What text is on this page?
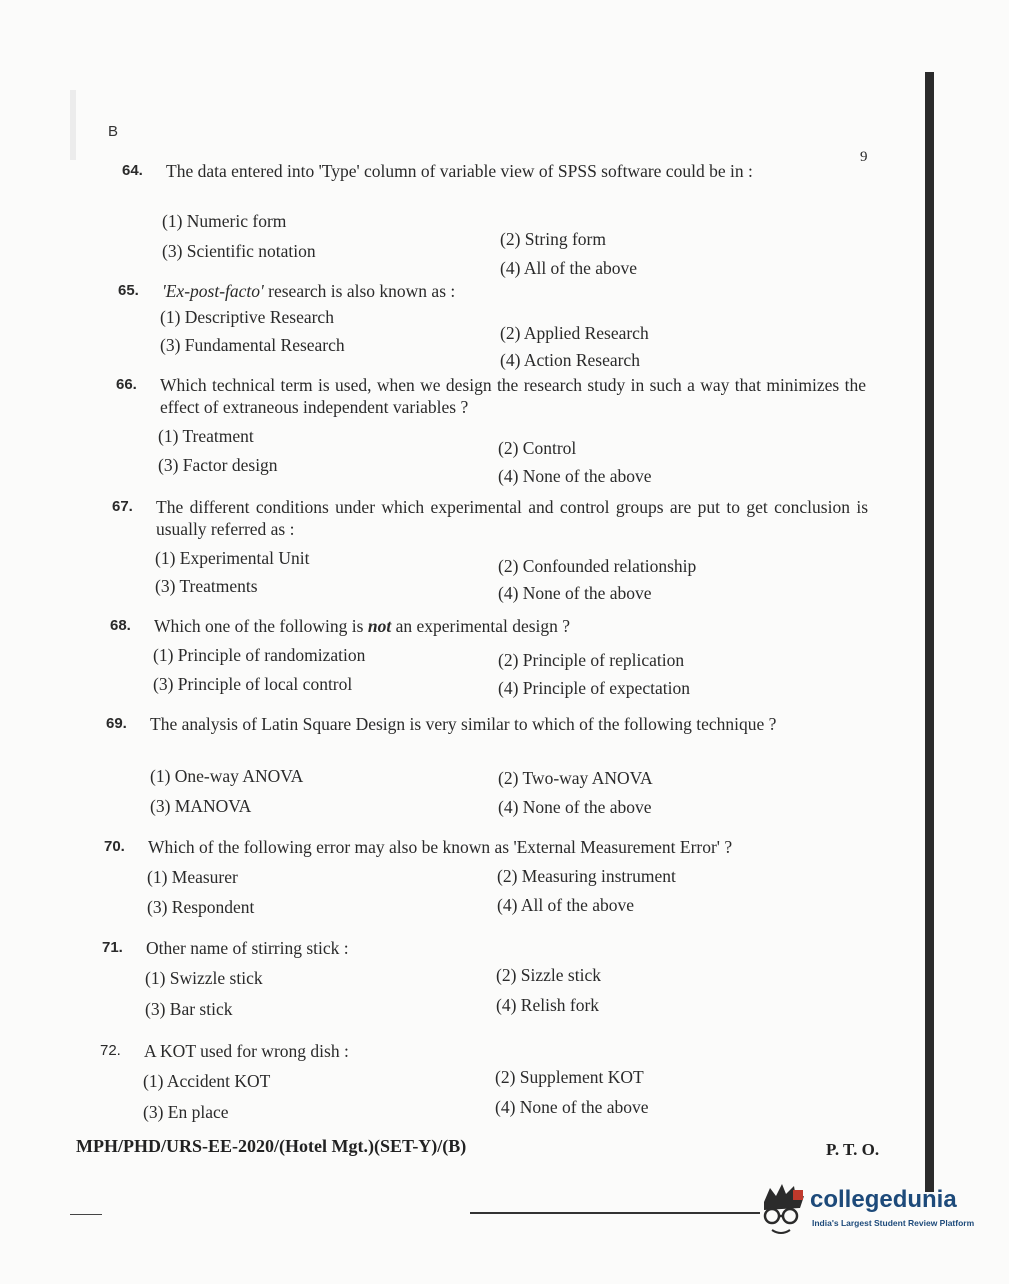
B
9
64.	The data entered into 'Type' column of variable view of SPSS software could be in :
(1) Numeric form
(2) String form
(3) Scientific notation
(4) All of the above
65.	'Ex-post-facto' research is also known as :
(1) Descriptive Research
(2) Applied Research
(3) Fundamental Research
(4) Action Research
66.	Which technical term is used, when we design the research study in such a way that minimizes the effect of extraneous independent variables ?
(1) Treatment
(2) Control
(3) Factor design
(4) None of the above
67.	The different conditions under which experimental and control groups are put to get conclusion is usually referred as :
(1) Experimental Unit	(2) Confounded relationship
(3) Treatments	(4) None of the above
68.	Which one of the following is not an experimental design ?
(1) Principle of randomization	(2) Principle of replication
(3) Principle of local control	(4) Principle of expectation
69.	The analysis of Latin Square Design is very similar to which of the following technique ?
(1) One-way ANOVA	(2) Two-way ANOVA
(3) MANOVA	(4) None of the above
70.	Which of the following error may also be known as 'External Measurement Error' ?
(1) Measurer	(2) Measuring instrument
(3) Respondent	(4) All of the above
71.	Other name of stirring stick :
(1) Swizzle stick	(2) Sizzle stick
(3) Bar stick	(4) Relish fork
72.	A KOT used for wrong dish :
(1) Accident KOT	(2) Supplement KOT
(3) En place	(4) None of the above
MPH/PHD/URS-EE-2020/(Hotel Mgt.)(SET-Y)/(B)	P. T. O.
collegedunia
India's Largest Student Review Platform
